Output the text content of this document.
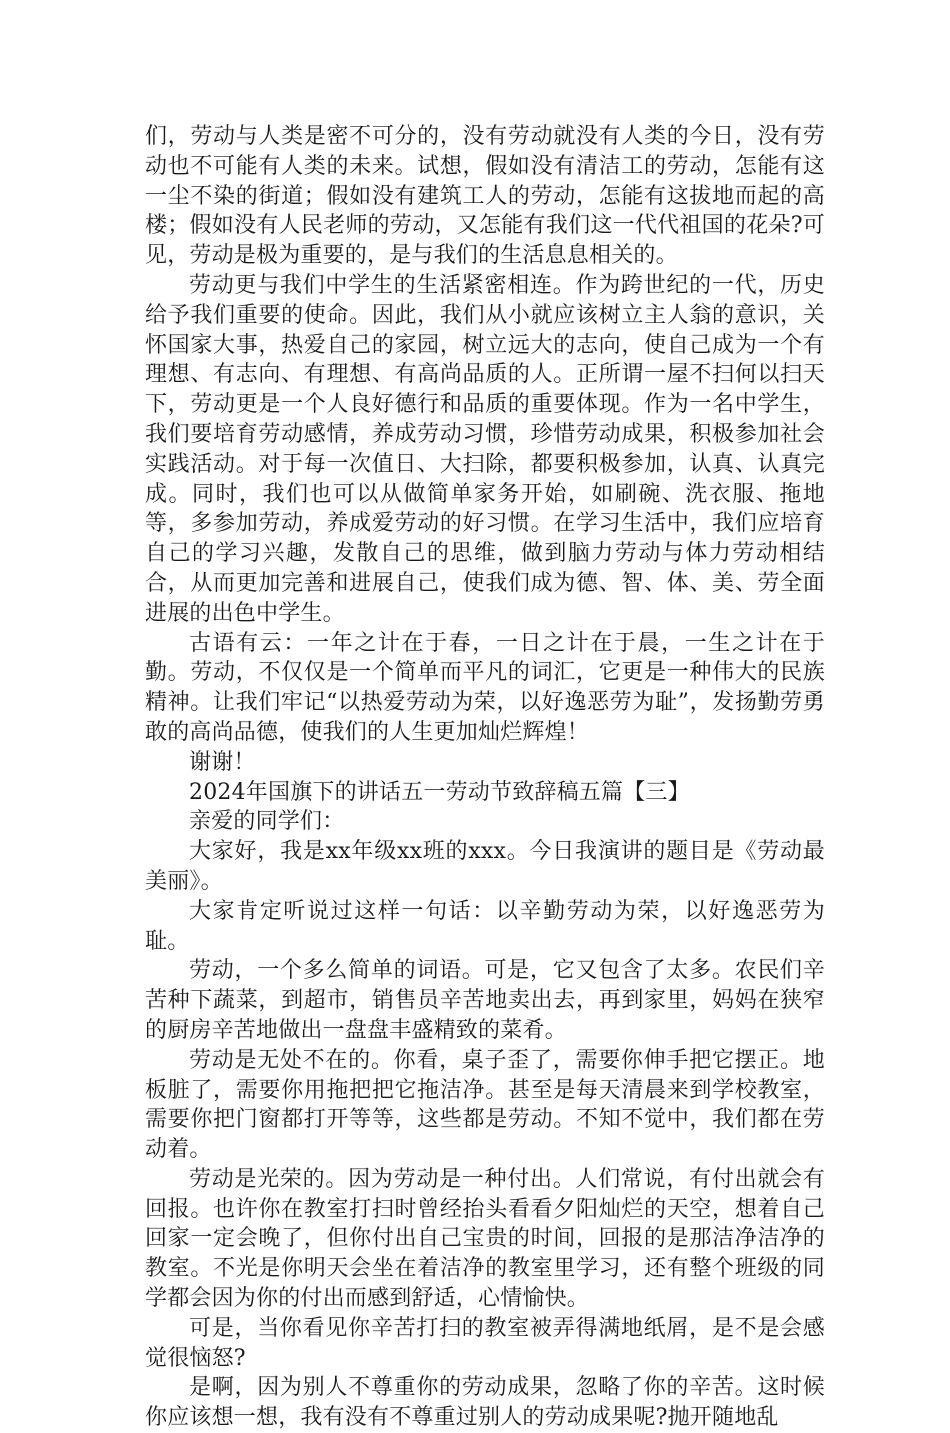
们，劳动与人类是密不可分的，没有劳动就没有人类的今日，没有劳动也不可能有人类的未来。试想，假如没有清洁工的劳动，怎能有这一尘不染的街道；假如没有建筑工人的劳动，怎能有这拔地而起的高楼；假如没有人民老师的劳动，又怎能有我们这一代代祖国的花朵?可见，劳动是极为重要的，是与我们的生活息息相关的。

劳动更与我们中学生的生活紧密相连。作为跨世纪的一代，历史给予我们重要的使命。因此，我们从小就应该树立主人翁的意识，关怀国家大事，热爱自己的家园，树立远大的志向，使自己成为一个有理想、有志向、有理想、有高尚品质的人。正所谓一屋不扫何以扫天下，劳动更是一个人良好德行和品质的重要体现。作为一名中学生，我们要培育劳动感情，养成劳动习惯，珍惜劳动成果，积极参加社会实践活动。对于每一次值日、大扫除，都要积极参加，认真、认真完成。同时，我们也可以从做简单家务开始，如刷碗、洗衣服、拖地等，多参加劳动，养成爱劳动的好习惯。在学习生活中，我们应培育自己的学习兴趣，发散自己的思维，做到脑力劳动与体力劳动相结合，从而更加完善和进展自己，使我们成为德、智、体、美、劳全面进展的出色中学生。

古语有云：一年之计在于春，一日之计在于晨，一生之计在于勤。劳动，不仅仅是一个简单而平凡的词汇，它更是一种伟大的民族精神。让我们牢记“以热爱劳动为荣，以好逸恶劳为耻”，发扬勤劳勇敢的高尚品德，使我们的人生更加灿烂辉煌！

谢谢！

2024年国旗下的讲话五一劳动节致辞稿五篇【三】

亲爱的同学们：

大家好，我是xx年级xx班的xxx。今日我演讲的题目是《劳动最美丽》。

大家肯定听说过这样一句话：以辛勤劳动为荣，以好逸恶劳为耻。

劳动，一个多么简单的词语。可是，它又包含了太多。农民们辛苦种下蔬菜，到超市，销售员辛苦地卖出去，再到家里，妈妈在狭窄的厨房辛苦地做出一盘盘丰盛精致的菜肴。

劳动是无处不在的。你看，桌子歪了，需要你伸手把它摆正。地板脏了，需要你用拖把把它拖洁净。甚至是每天清晨来到学校教室，需要你把门窗都打开等等，这些都是劳动。不知不觉中，我们都在劳动着。

劳动是光荣的。因为劳动是一种付出。人们常说，有付出就会有回报。也许你在教室打扫时曾经抬头看看夕阳灿烂的天空，想着自己回家一定会晚了，但你付出自己宝贵的时间，回报的是那洁净洁净的教室。不光是你明天会坐在着洁净的教室里学习，还有整个班级的同学都会因为你的付出而感到舒适，心情愉快。

可是，当你看见你辛苦打扫的教室被弄得满地纸屑，是不是会感觉很恼怒?

是啊，因为别人不尊重你的劳动成果，忽略了你的辛苦。这时候你应该想一想，我有没有不尊重过别人的劳动成果呢?抛开随地乱
